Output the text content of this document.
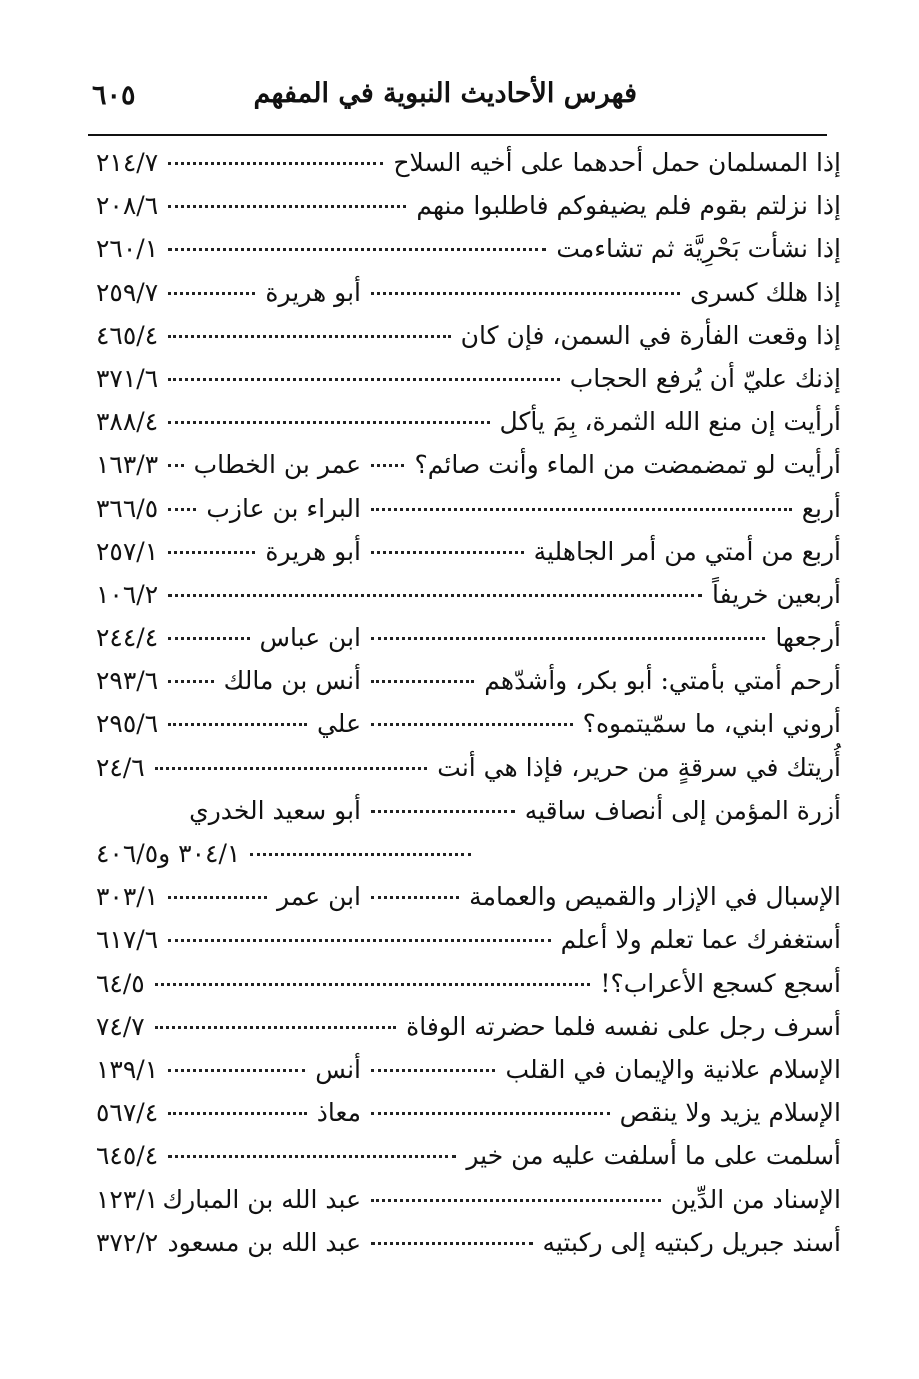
فهرس الأحاديث النبوية في المفهم
٦٠٥
إذا المسلمان حمل أحدهما على أخيه السلاح
٢١٤/٧
إذا نزلتم بقوم فلم يضيفوكم فاطلبوا منهم
٢٠٨/٦
إذا نشأت بَحْرِيَّة ثم تشاءمت
٢٦٠/١
إذا هلك كسرى
أبو هريرة
٢٥٩/٧
إذا وقعت الفأرة في السمن، فإن كان
٤٦٥/٤
إذنك عليّ أن يُرفع الحجاب
٣٧١/٦
أرأيت إن منع الله الثمرة، بِمَ يأكل
٣٨٨/٤
أرأيت لو تمضمضت من الماء وأنت صائم؟
عمر بن الخطاب
١٦٣/٣
أربع
البراء بن عازب
٣٦٦/٥
أربع من أمتي من أمر الجاهلية
أبو هريرة
٢٥٧/١
أربعين خريفاً
١٠٦/٢
أرجعها
ابن عباس
٢٤٤/٤
أرحم أمتي بأمتي: أبو بكر، وأشدّهم
أنس بن مالك
٢٩٣/٦
أروني ابني، ما سمّيتموه؟
علي
٢٩٥/٦
أُريتك في سرقةٍ من حرير، فإذا هي أنت
٢٤/٦
أزرة المؤمن إلى أنصاف ساقيه
أبو سعيد الخدري
٣٠٤/١ و٤٠٦/٥
الإسبال في الإزار والقميص والعمامة
ابن عمر
٣٠٣/١
أستغفرك عما تعلم ولا أعلم
٦١٧/٦
أسجع كسجع الأعراب؟!
٦٤/٥
أسرف رجل على نفسه فلما حضرته الوفاة
٧٤/٧
الإسلام علانية والإيمان في القلب
أنس
١٣٩/١
الإسلام يزيد ولا ينقص
معاذ
٥٦٧/٤
أسلمت على ما أسلفت عليه من خير
٦٤٥/٤
الإسناد من الدِّين
عبد الله بن المبارك
١٢٣/١
أسند جبريل ركبتيه إلى ركبتيه
عبد الله بن مسعود
٣٧٢/٢
